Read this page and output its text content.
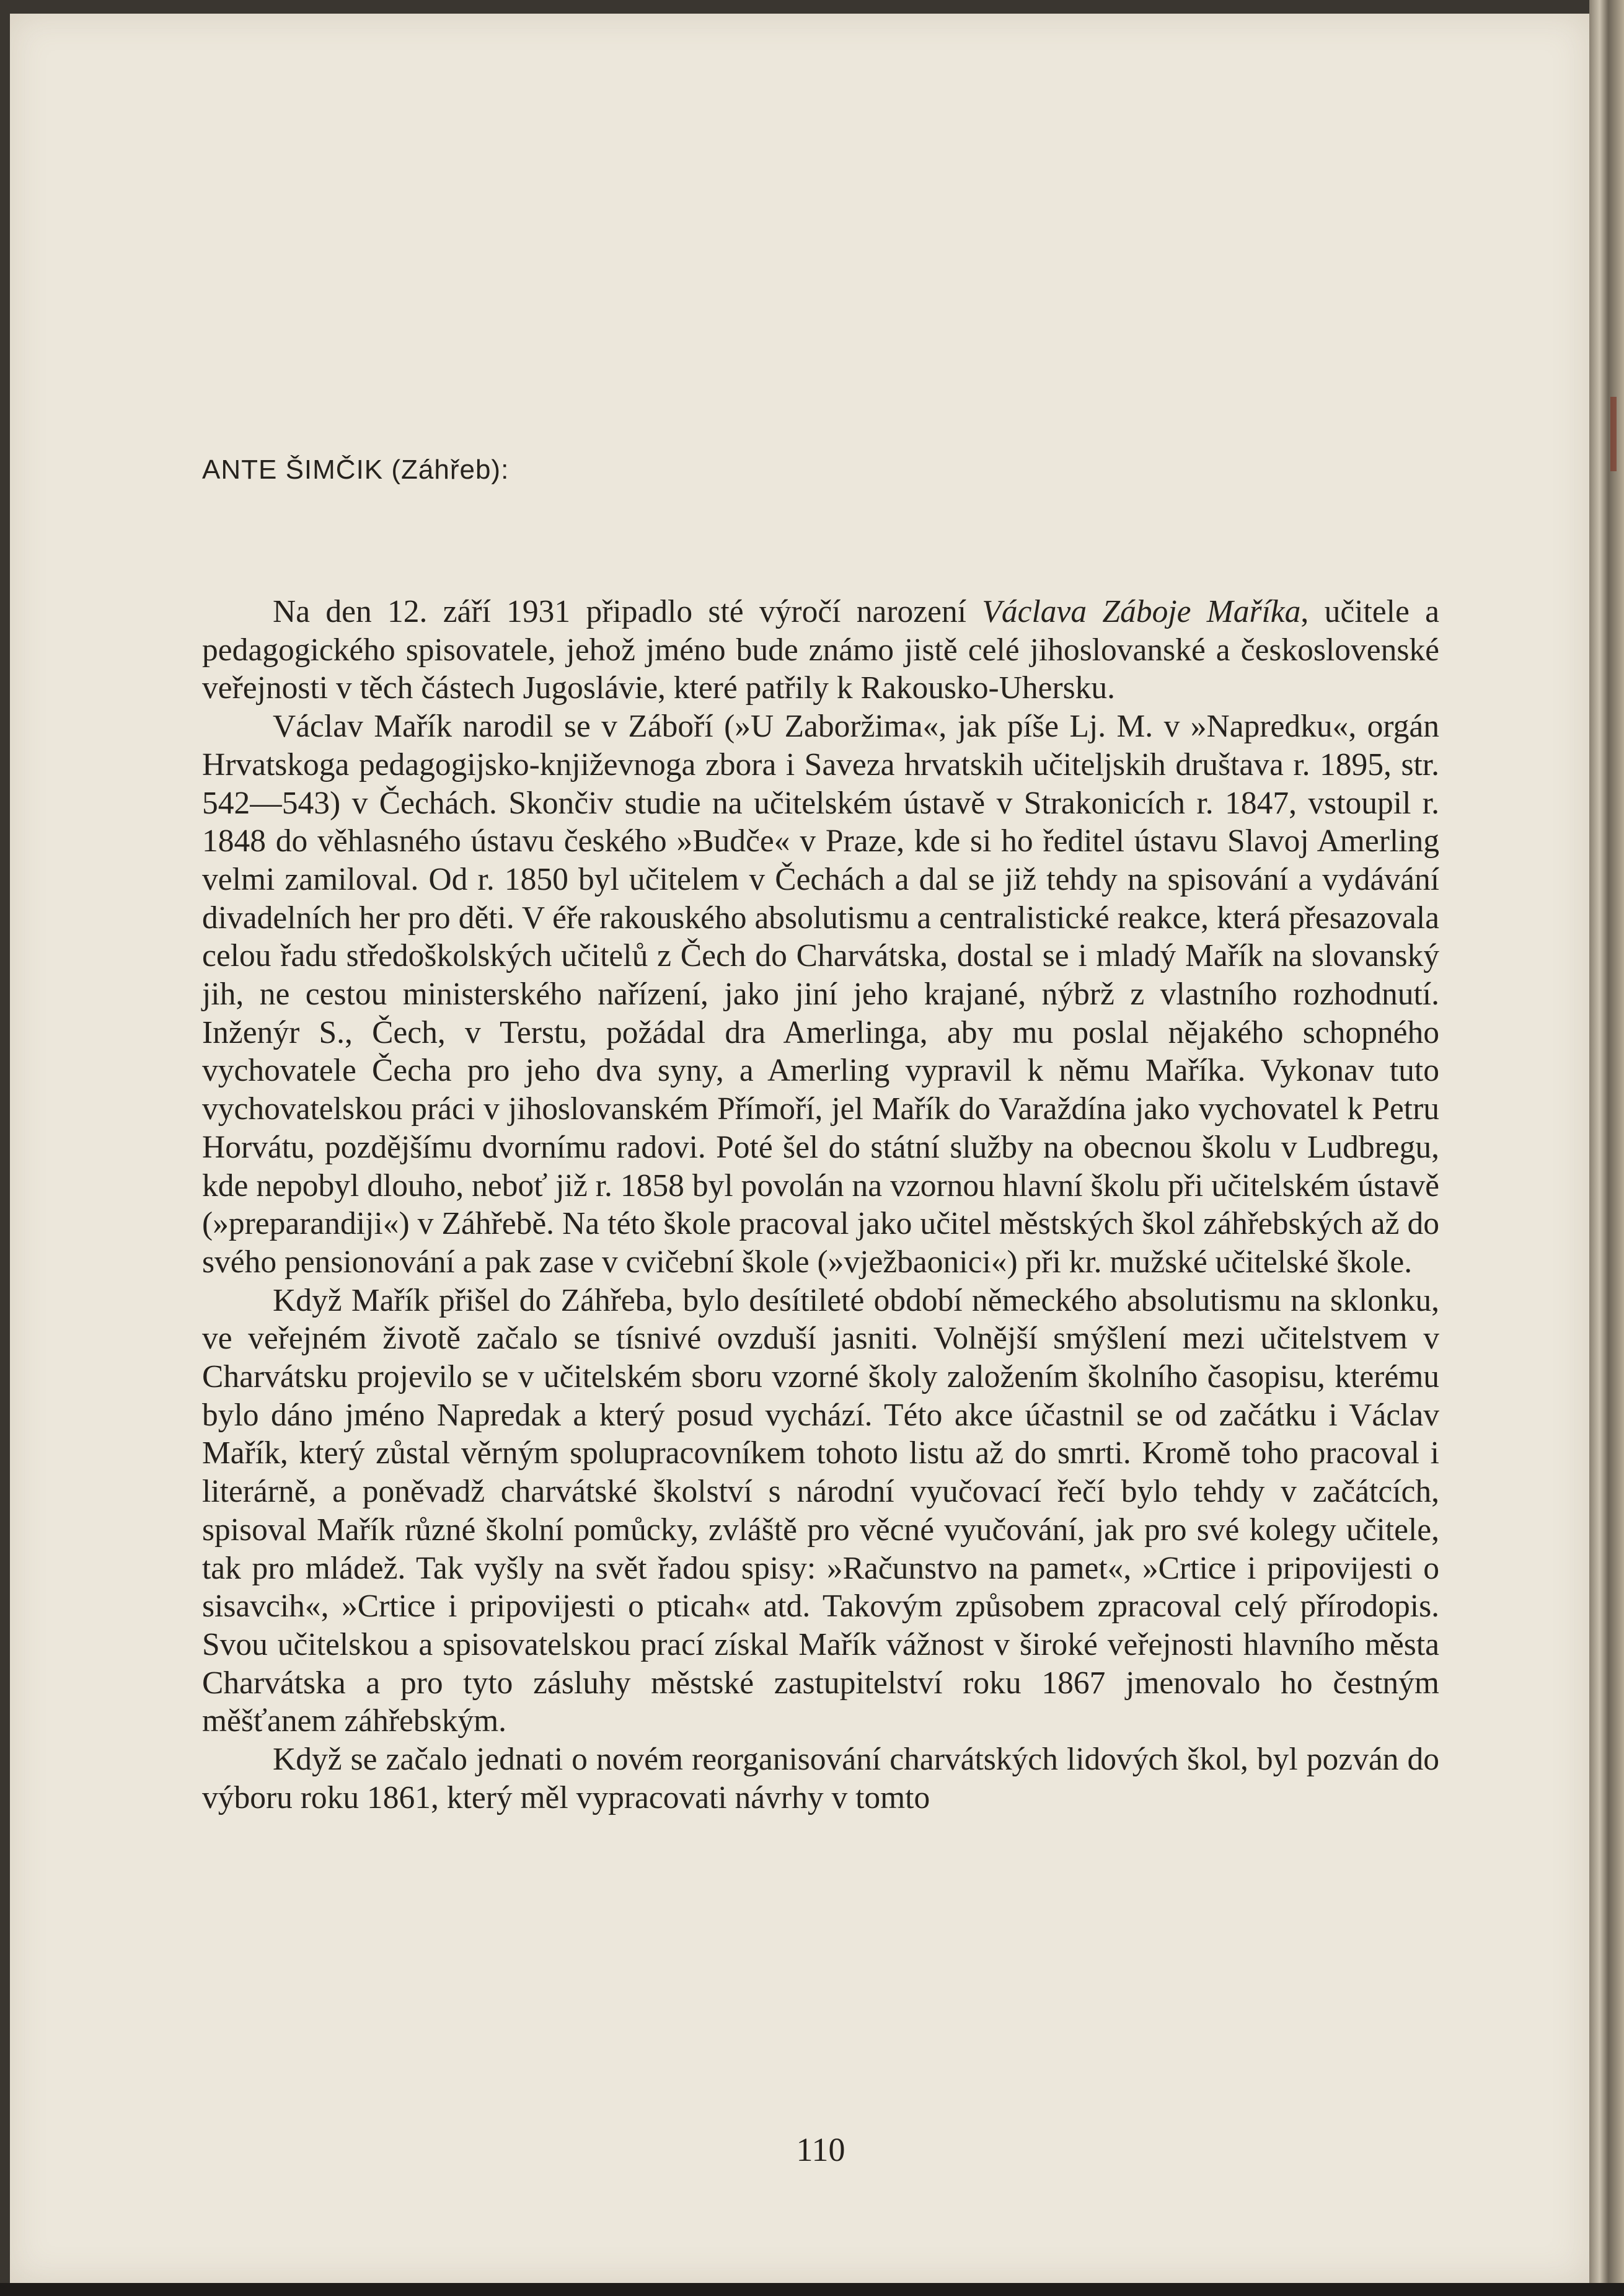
ANTE ŠIMČIK (Záhřeb):

Na den 12. září 1931 připadlo sté výročí narození Václava Záboje Maříka, učitele a pedagogického spisovatele, jehož jméno bude známo jistě celé jihoslovanské a československé veřejnosti v těch částech Jugoslávie, které patřily k Rakousko-Uhersku.

Václav Mařík narodil se v Záboří (»U Zaboržima«, jak píše Lj. M. v »Napredku«, orgán Hrvatskoga pedagogijsko-književnoga zbora i Saveza hrvatskih učiteljskih društava r. 1895, str. 542—543) v Čechách. Skončiv studie na učitelském ústavě v Strakonicích r. 1847, vstoupil r. 1848 do věhlasného ústavu českého »Budče« v Praze, kde si ho ředitel ústavu Slavoj Amerling velmi zamiloval. Od r. 1850 byl učitelem v Čechách a dal se již tehdy na spisování a vydávání divadelních her pro děti. V éře rakouského absolutismu a centralistické reakce, která přesazovala celou řadu středoškolských učitelů z Čech do Charvátska, dostal se i mladý Mařík na slovanský jih, ne cestou ministerského nařízení, jako jiní jeho krajané, nýbrž z vlastního rozhodnutí. Inženýr S., Čech, v Terstu, požádal dra Amerlinga, aby mu poslal nějakého schopného vychovatele Čecha pro jeho dva syny, a Amerling vypravil k němu Maříka. Vykonav tuto vychovatelskou práci v jihoslovanském Přímoří, jel Mařík do Varaždína jako vychovatel k Petru Horvátu, pozdějšímu dvornímu radovi. Poté šel do státní služby na obecnou školu v Ludbregu, kde nepobyl dlouho, neboť již r. 1858 byl povolán na vzornou hlavní školu při učitelském ústavě (»preparandiji«) v Záhřebě. Na této škole pracoval jako učitel městských škol záhřebských až do svého pensionování a pak zase v cvičební škole (»vježbaonici«) při kr. mužské učitelské škole.

Když Mařík přišel do Záhřeba, bylo desítileté období německého absolutismu na sklonku, ve veřejném životě začalo se tísnivé ovzduší jasniti. Volnější smýšlení mezi učitelstvem v Charvátsku projevilo se v učitelském sboru vzorné školy založením školního časopisu, kterému bylo dáno jméno Napredak a který posud vychází. Této akce účastnil se od začátku i Václav Mařík, který zůstal věrným spolupracovníkem tohoto listu až do smrti. Kromě toho pracoval i literárně, a poněvadž charvátské školství s národní vyučovací řečí bylo tehdy v začátcích, spisoval Mařík různé školní pomůcky, zvláště pro věcné vyučování, jak pro své kolegy učitele, tak pro mládež. Tak vyšly na svět řadou spisy: »Računstvo na pamet«, »Crtice i pripovijesti o sisavcih«, »Crtice i pripovijesti o pticah« atd. Takovým způsobem zpracoval celý přírodopis. Svou učitelskou a spisovatelskou prací získal Mařík vážnost v široké veřejnosti hlavního města Charvátska a pro tyto zásluhy městské zastupitelství roku 1867 jmenovalo ho čestným měšťanem záhřebským.

Když se začalo jednati o novém reorganisování charvátských lidových škol, byl pozván do výboru roku 1861, který měl vypracovati návrhy v tomto

110
